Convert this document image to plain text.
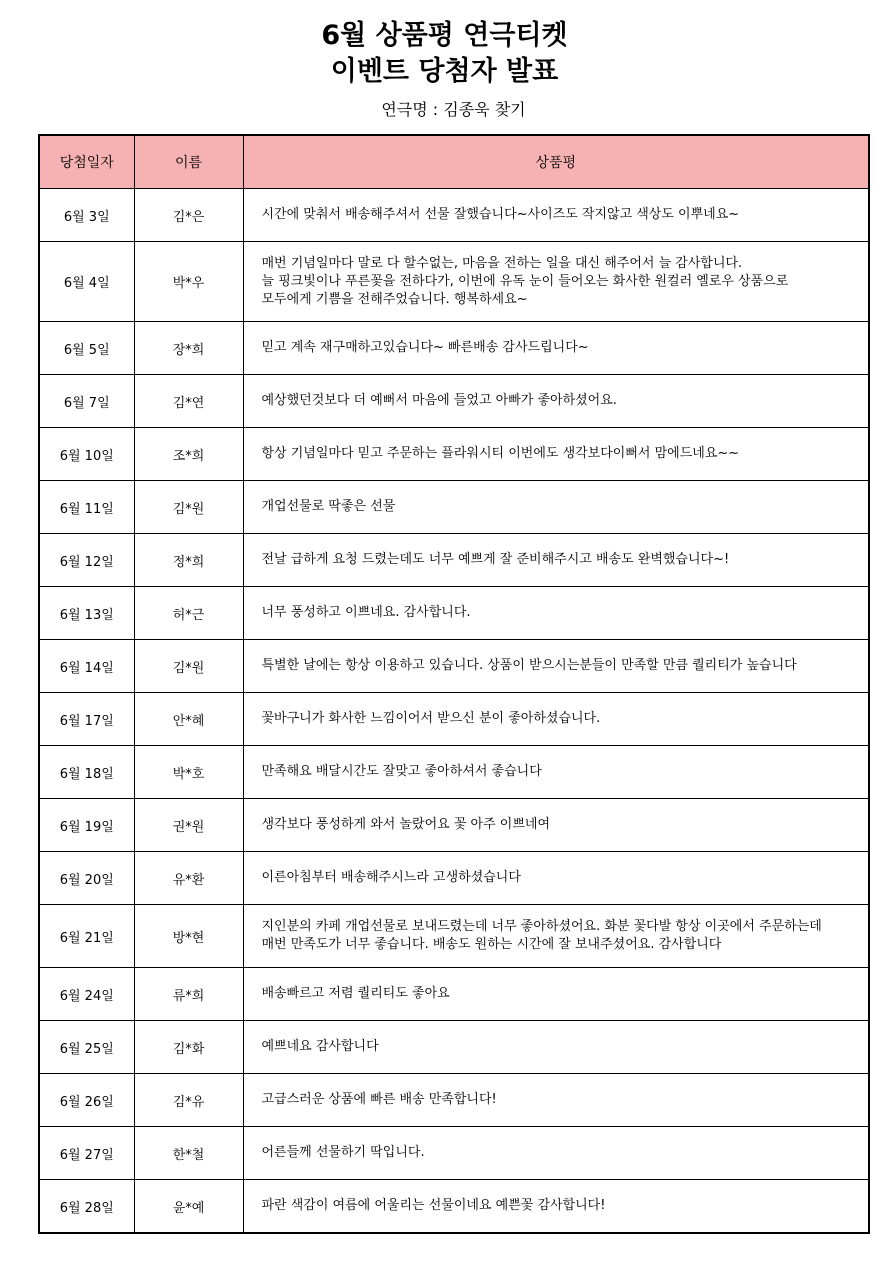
6월 상품평 연극티켓
이벤트 당첨자 발표
연극명 : 김종욱 찾기
당첨일자	이름	상품평
6월 3일	김*은	시간에 맞춰서 배송해주셔서 선물 잘했습니다~사이즈도 작지않고 색상도 이뿌네요~
6월 4일	박*우	매번 기념일마다 말로 다 할수없는, 마음을 전하는 일을 대신 해주어서 늘 감사합니다.
늘 핑크빛이나 푸른꽃을 전하다가, 이번에 유독 눈이 들어오는 화사한 원컬러 옐로우 상품으로
모두에게 기쁨을 전해주었습니다. 행복하세요~
6월 5일	장*희	믿고 계속 재구매하고있습니다~ 빠른배송 감사드립니다~
6월 7일	김*연	예상했던것보다 더 예뻐서 마음에 들었고 아빠가 좋아하셨어요.
6월 10일	조*희	항상 기념일마다 믿고 주문하는 플라워시티 이번에도 생각보다이뻐서 맘에드네요~~
6월 11일	김*원	개업선물로 딱좋은 선물
6월 12일	정*희	전날 급하게 요청 드렸는데도 너무 예쁘게 잘 준비해주시고 배송도 완벽했습니다~!
6월 13일	허*근	너무 풍성하고 이쁘네요. 감사합니다.
6월 14일	김*원	특별한 날에는 항상 이용하고 있습니다. 상품이 받으시는분들이 만족할 만큼 퀄리티가 높습니다
6월 17일	안*혜	꽃바구니가 화사한 느낌이어서 받으신 분이 좋아하셨습니다.
6월 18일	박*호	만족해요 배달시간도 잘맞고 좋아하셔서 좋습니다
6월 19일	권*원	생각보다 풍성하게 와서 놀랐어요 꽃 아주 이쁘네여
6월 20일	유*환	이른아침부터 배송해주시느라 고생하셨습니다
6월 21일	방*현	지인분의 카페 개업선물로 보내드렸는데 너무 좋아하셨어요. 화분 꽃다발 항상 이곳에서 주문하는데
매번 만족도가 너무 좋습니다. 배송도 원하는 시간에 잘 보내주셨어요. 감사합니다
6월 24일	류*희	배송빠르고 저렴 퀄리티도 좋아요
6월 25일	김*화	예쁘네요 감사합니다
6월 26일	김*유	고급스러운 상품에 빠른 배송 만족합니다!
6월 27일	한*철	어른들께 선물하기 딱입니다.
6월 28일	윤*예	파란 색감이 여름에 어울리는 선물이네요 예쁜꽃 감사합니다!
